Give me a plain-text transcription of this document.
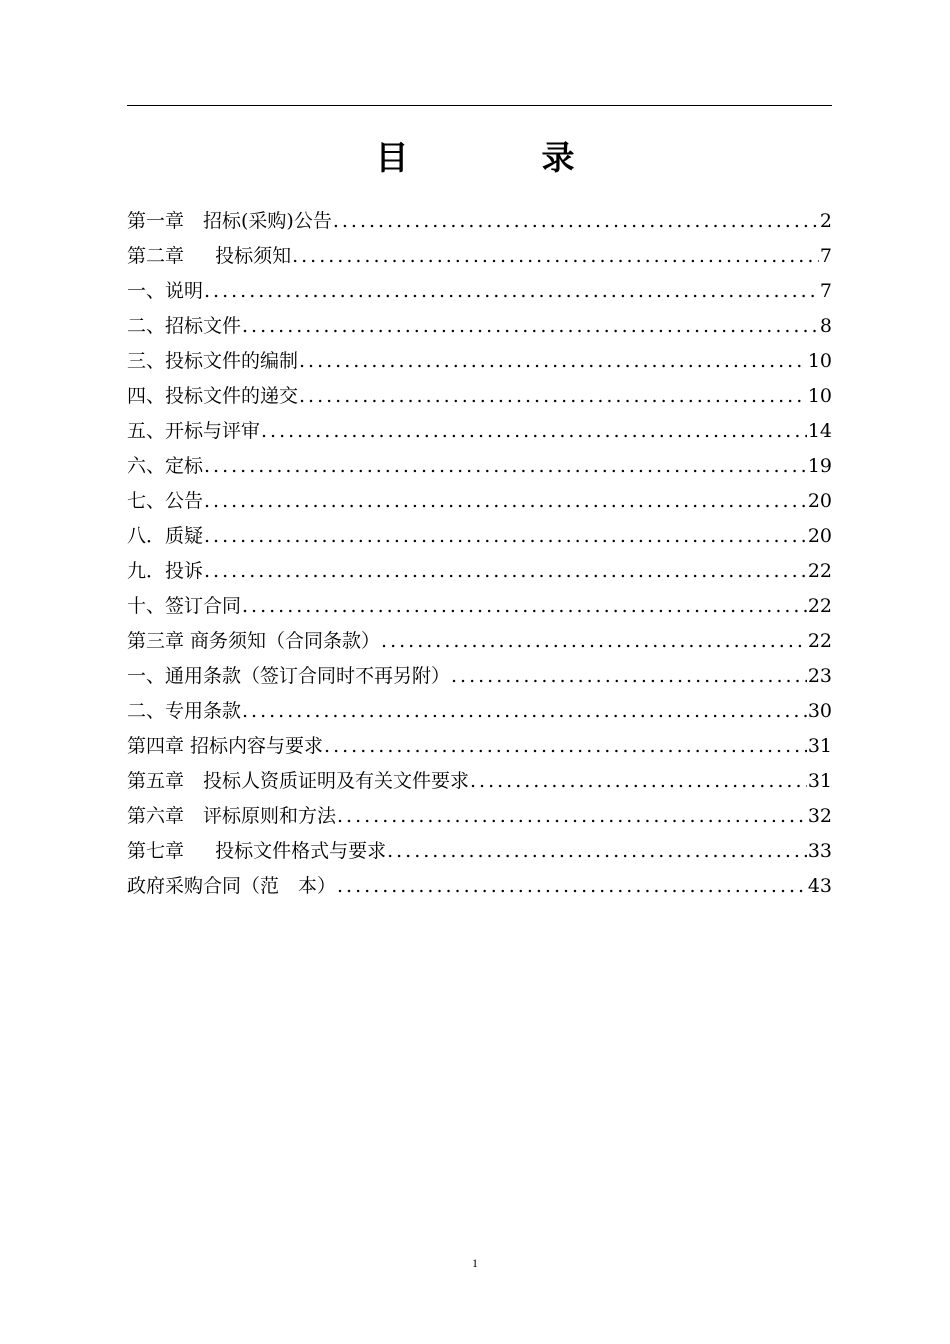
目　录
第一章　招标(采购)公告 .....	2
第二章 　 投标须知 .....	7
一、说明 .....	7
二、招标文件 .....	8
三、投标文件的编制 .....	10
四、投标文件的递交 .....	10
五、开标与评审 .....	14
六、定标 .....	19
七、公告 .....	20
八．质疑 .....	20
九．投诉 .....	22
十、签订合同 .....	22
第三章 商务须知（合同条款） .....	22
一、通用条款（签订合同时不再另附） .....	23
二、专用条款 .....	30
第四章 招标内容与要求 .....	31
第五章　投标人资质证明及有关文件要求 .....	31
第六章　评标原则和方法 .....	32
第七章 　 投标文件格式与要求 .....	33
政府采购合同（范　本） .....	43
1
